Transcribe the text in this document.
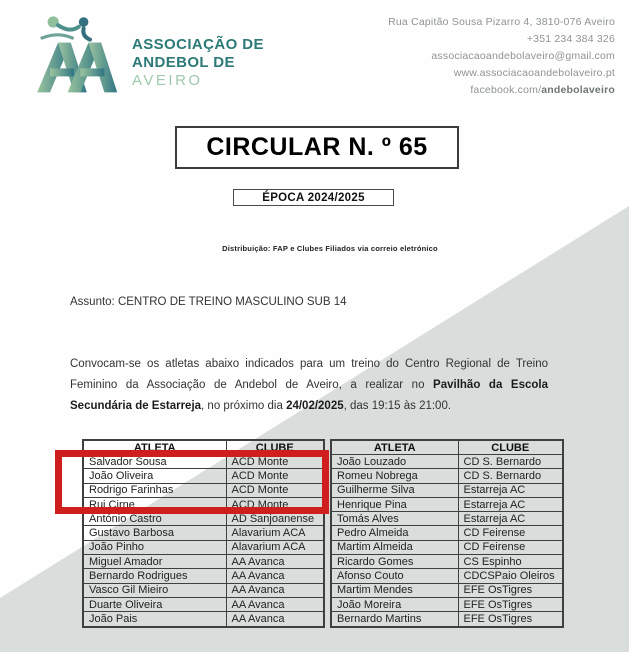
ASSOCIAÇÃO DE
ANDEBOL DE
AVEIRO
Rua Capitão Sousa Pizarro 4, 3810-076 Aveiro
+351 234 384 326
associacaoandebolaveiro@gmail.com
www.associacaoandebolaveiro.pt
facebook.com/andebolaveiro
CIRCULAR N. º 65
ÉPOCA 2024/2025
Distribuição: FAP e Clubes Filiados via correio eletrónico
Assunto: CENTRO DE TREINO MASCULINO SUB 14
Convocam-se os atletas abaixo indicados para um treino do Centro Regional de Treino Feminino da Associação de Andebol de Aveiro, a realizar no Pavilhão da Escola Secundária de Estarreja, no próximo dia 24/02/2025, das 19:15 às 21:00.
ATLETA	CLUBE
Salvador Sousa	ACD Monte
João Oliveira	ACD Monte
Rodrigo Farinhas	ACD Monte
Rui Cirne	ACD Monte
António Castro	AD Sanjoanense
Gustavo Barbosa	Alavarium ACA
João Pinho	Alavarium ACA
Miguel Amador	AA Avanca
Bernardo Rodrigues	AA Avanca
Vasco Gil Mieiro	AA Avanca
Duarte Oliveira	AA Avanca
João Pais	AA Avanca
ATLETA	CLUBE
João Louzado	CD S. Bernardo
Romeu Nobrega	CD S. Bernardo
Guilherme Silva	Estarreja AC
Henrique Pina	Estarreja AC
Tomás Alves	Estarreja AC
Pedro Almeida	CD Feirense
Martim Almeida	CD Feirense
Ricardo Gomes	CS Espinho
Afonso Couto	CDCSPaio Oleiros
Martim Mendes	EFE OsTigres
João Moreira	EFE OsTigres
Bernardo Martins	EFE OsTigres
